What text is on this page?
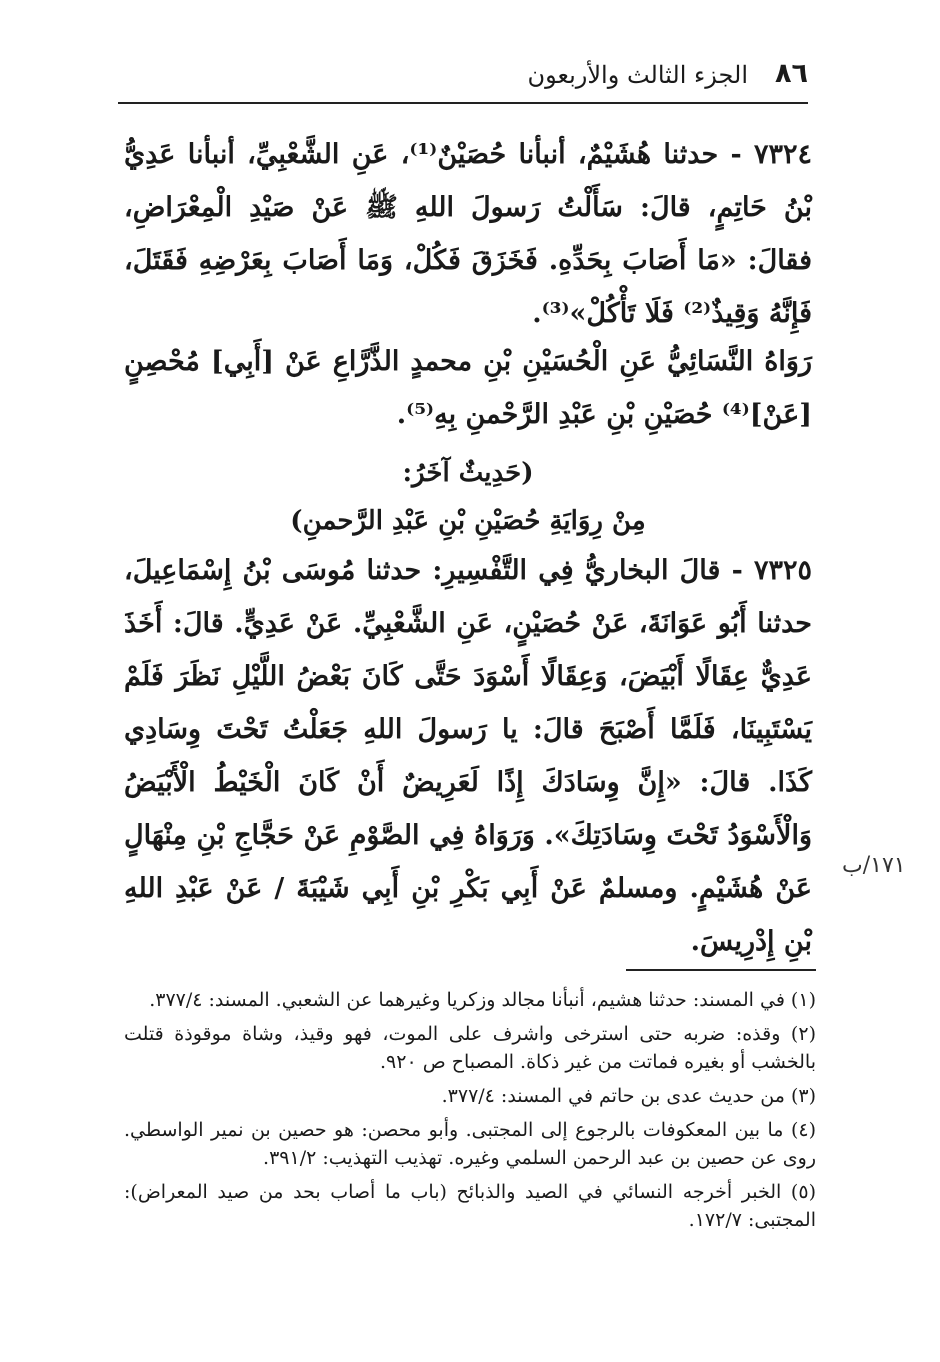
٨٦
الجزء الثالث والأربعون
٧٣٢٤ - حدثنا هُشَيْمٌ، أنبأنا حُصَيْنٌ⁽¹⁾، عَنِ الشَّعْبِيِّ، أنبأنا عَدِيُّ بْنُ حَاتِمٍ، قالَ: سَأَلْتُ رَسولَ اللهِ ﷺ عَنْ صَيْدِ الْمِعْرَاضِ، فقالَ: «مَا أَصَابَ بِحَدِّهِ. فَخَزَقَ فَكُلْ، وَمَا أَصَابَ بِعَرْضِهِ فَقَتَلَ، فَإِنَّهُ وَقِيذٌ⁽²⁾ فَلَا تَأْكُلْ»⁽³⁾.
رَوَاهُ النَّسَائِيُّ عَنِ الْحُسَيْنِ بْنِ محمدٍ الذَّرَّاعِ عَنْ [أَبِي] مُحْصِنٍ [عَنْ]⁽⁴⁾ حُصَيْنِ بْنِ عَبْدِ الرَّحْمنِ بِهِ⁽⁵⁾.
(حَدِيثٌ آخَرُ:
مِنْ رِوَايَةِ حُصَيْنِ بْنِ عَبْدِ الرَّحمنِ)
٧٣٢٥ - قالَ البخاريُّ فِي التَّفْسِيرِ: حدثنا مُوسَى بْنُ إِسْمَاعِيلَ، حدثنا أَبُو عَوَانَةَ، عَنْ حُصَيْنٍ، عَنِ الشَّعْبِيِّ. عَنْ عَدِيٍّ. قالَ: أَخَذَ عَدِيٌّ عِقَالًا أَبْيَضَ، وَعِقَالًا أَسْوَدَ حَتَّى كَانَ بَعْضُ اللَّيْلِ نَظَرَ فَلَمْ يَسْتَبِينَا، فَلَمَّا أَصْبَحَ قالَ: يا رَسولَ اللهِ جَعَلْتُ تَحْتَ وِسَادِي كَذَا. قالَ: «إِنَّ وِسَادَكَ إِذًا لَعَرِيضٌ أَنْ كَانَ الْخَيْطُ الْأَبْيَضُ وَالْأَسْوَدُ تَحْتَ وِسَادَتِكَ». وَرَوَاهُ فِي الصَّوْمِ عَنْ حَجَّاجِ بْنِ مِنْهَالٍ عَنْ هُشَيْمٍ. ومسلمٌ عَنْ أَبِي بَكْرِ بْنِ أَبِي شَيْبَةَ / عَنْ عَبْدِ اللهِ بْنِ إِدْرِيسَ.
١٧١/ب

(١) في المسند: حدثنا هشيم، أنبأنا مجالد وزكريا وغيرهما عن الشعبي. المسند: ٣٧٧/٤.

(٢) وقذه: ضربه حتى استرخى واشرف على الموت، فهو وقيذ، وشاة موقوذة قتلت بالخشب أو بغيره فماتت من غير ذكاة. المصباح ص ٩٢٠.

(٣) من حديث عدى بن حاتم في المسند: ٣٧٧/٤.

(٤) ما بين المعكوفات بالرجوع إلى المجتبى. وأبو محصن: هو حصين بن نمير الواسطي. روى عن حصين بن عبد الرحمن السلمي وغيره. تهذيب التهذيب: ٣٩١/٢.

(٥) الخبر أخرجه النسائي في الصيد والذبائح (باب ما أصاب بحد من صيد المعراض): المجتبى: ١٧٢/٧.
